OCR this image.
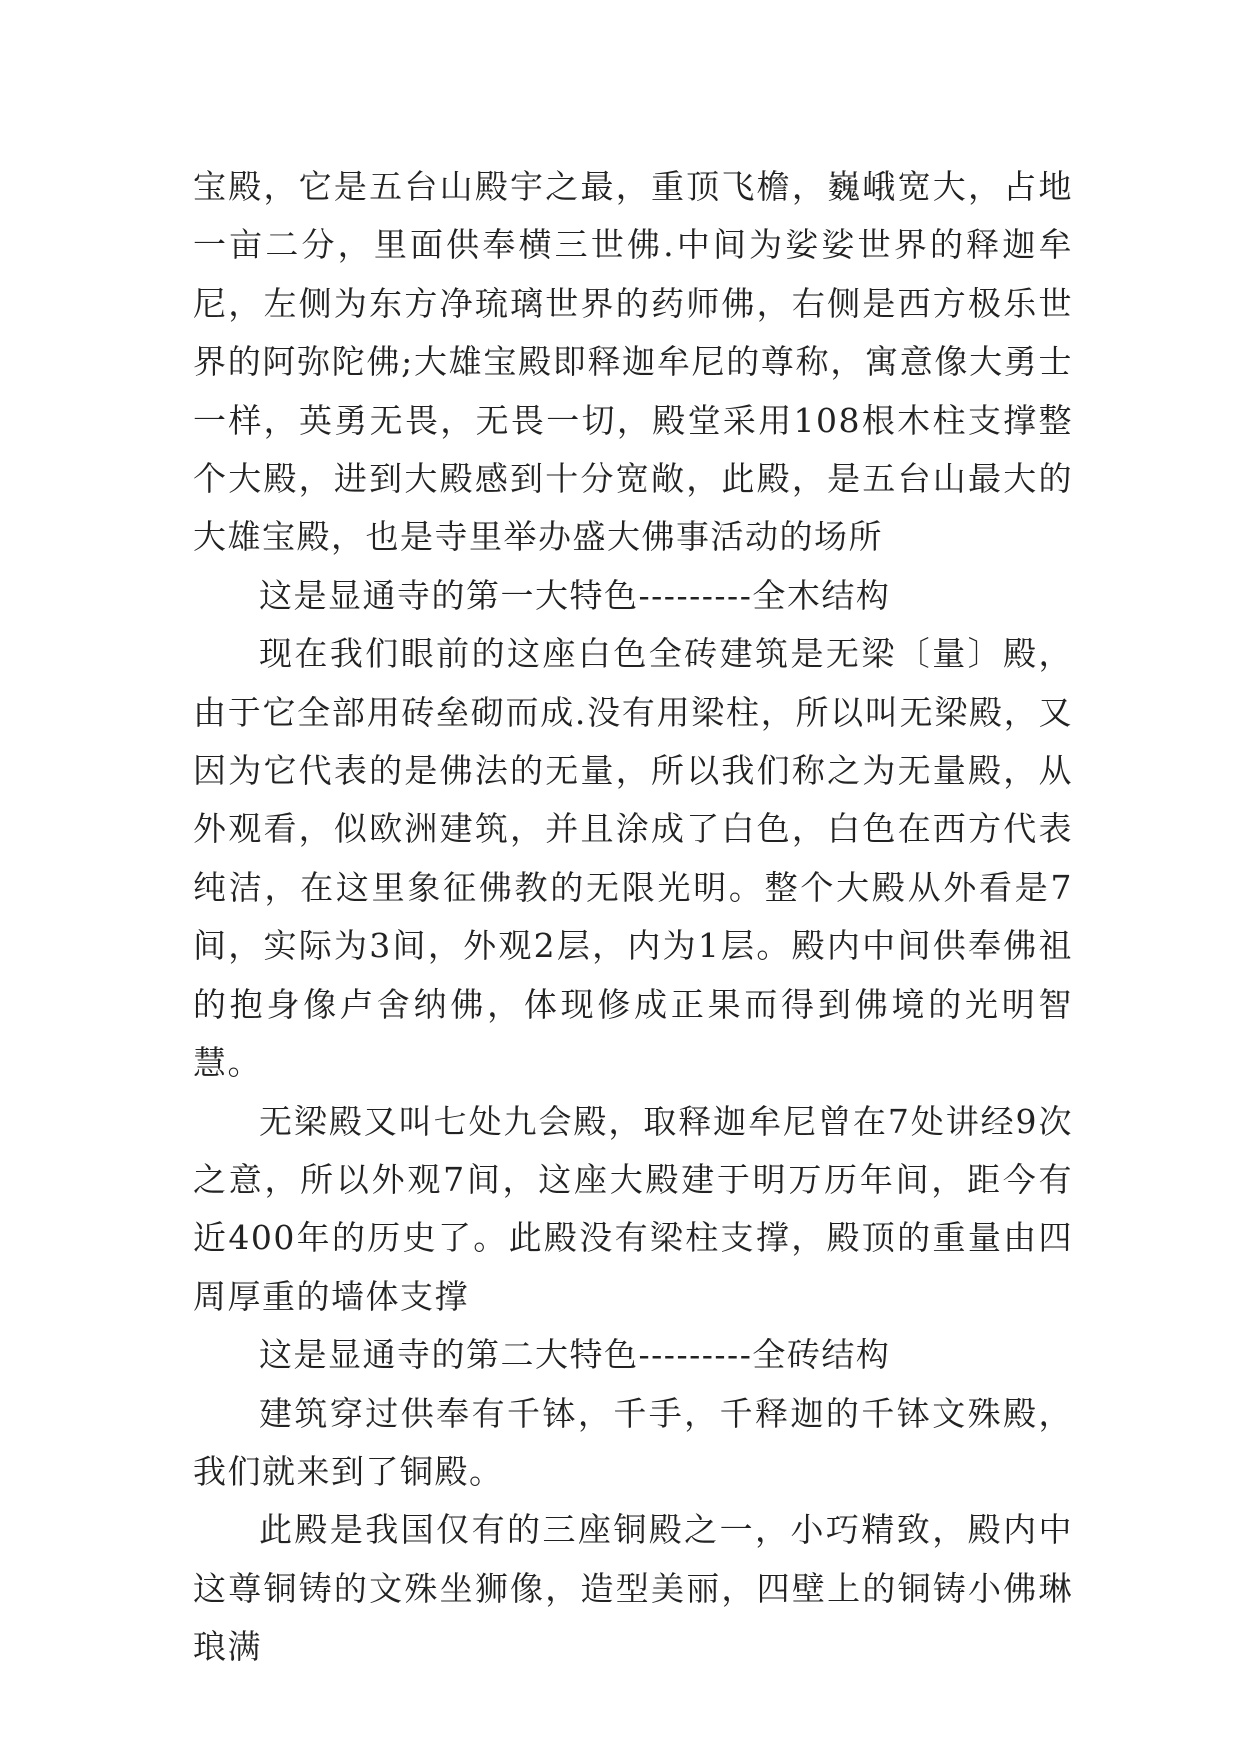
宝殿，它是五台山殿宇之最，重顶飞檐，巍峨宽大，占地一亩二分，里面供奉横三世佛.中间为娑娑世界的释迦牟尼，左侧为东方净琉璃世界的药师佛，右侧是西方极乐世界的阿弥陀佛;大雄宝殿即释迦牟尼的尊称，寓意像大勇士一样，英勇无畏，无畏一切，殿堂采用108根木柱支撑整个大殿，进到大殿感到十分宽敞，此殿，是五台山最大的大雄宝殿，也是寺里举办盛大佛事活动的场所

这是显通寺的第一大特色---------全木结构

现在我们眼前的这座白色全砖建筑是无梁〔量〕殿，由于它全部用砖垒砌而成.没有用梁柱，所以叫无梁殿，又因为它代表的是佛法的无量，所以我们称之为无量殿，从外观看，似欧洲建筑，并且涂成了白色，白色在西方代表纯洁，在这里象征佛教的无限光明。整个大殿从外看是7间，实际为3间，外观2层，内为1层。殿内中间供奉佛祖的抱身像卢舍纳佛，体现修成正果而得到佛境的光明智慧。

无梁殿又叫七处九会殿，取释迦牟尼曾在7处讲经9次之意，所以外观7间，这座大殿建于明万历年间，距今有近400年的历史了。此殿没有梁柱支撑，殿顶的重量由四周厚重的墙体支撑

这是显通寺的第二大特色---------全砖结构

建筑穿过供奉有千钵，千手，千释迦的千钵文殊殿，我们就来到了铜殿。

此殿是我国仅有的三座铜殿之一，小巧精致，殿内中这尊铜铸的文殊坐狮像，造型美丽，四壁上的铜铸小佛琳琅满
